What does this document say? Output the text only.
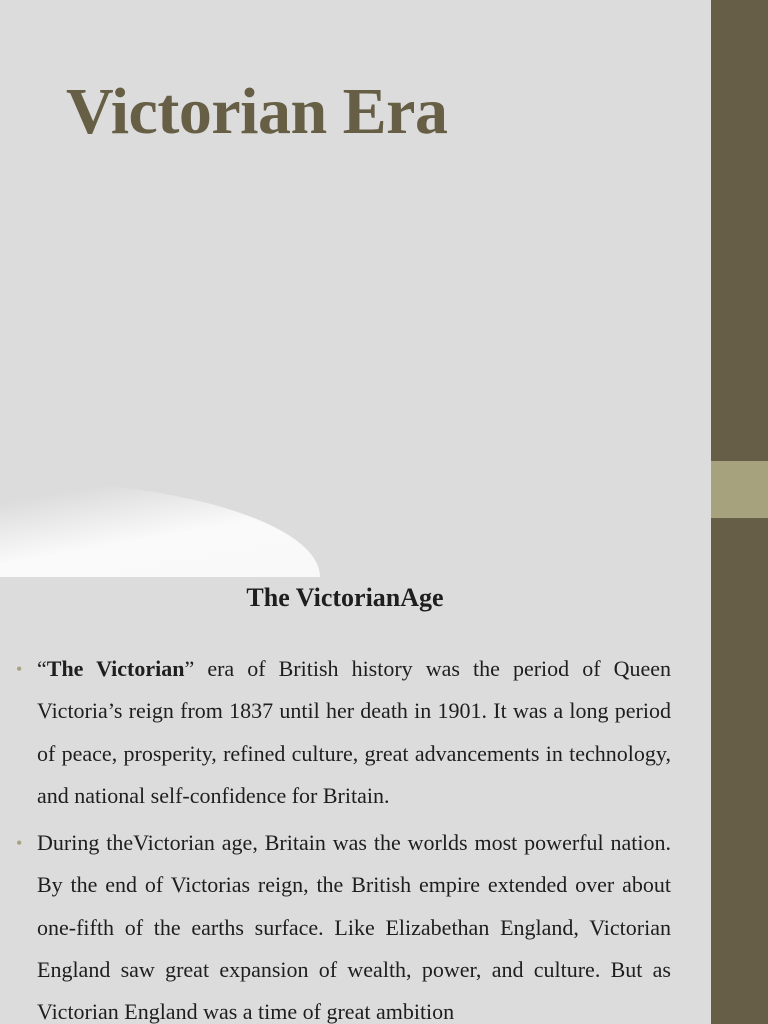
Victorian Era
The VictorianAge
• “The Victorian” era of British history was the period of Queen Victoria’s reign from 1837 until her death in 1901. It was a long period of peace, prosperity, refined culture, great advancements in technology, and national self-confidence for Britain.
• During theVictorian age, Britain was the worlds most powerful nation. By the end of Victorias reign, the British empire extended over about one-fifth of the earths surface. Like Elizabethan England, Victorian England saw great expansion of wealth, power, and culture. But as Victorian England was a time of great ambition
